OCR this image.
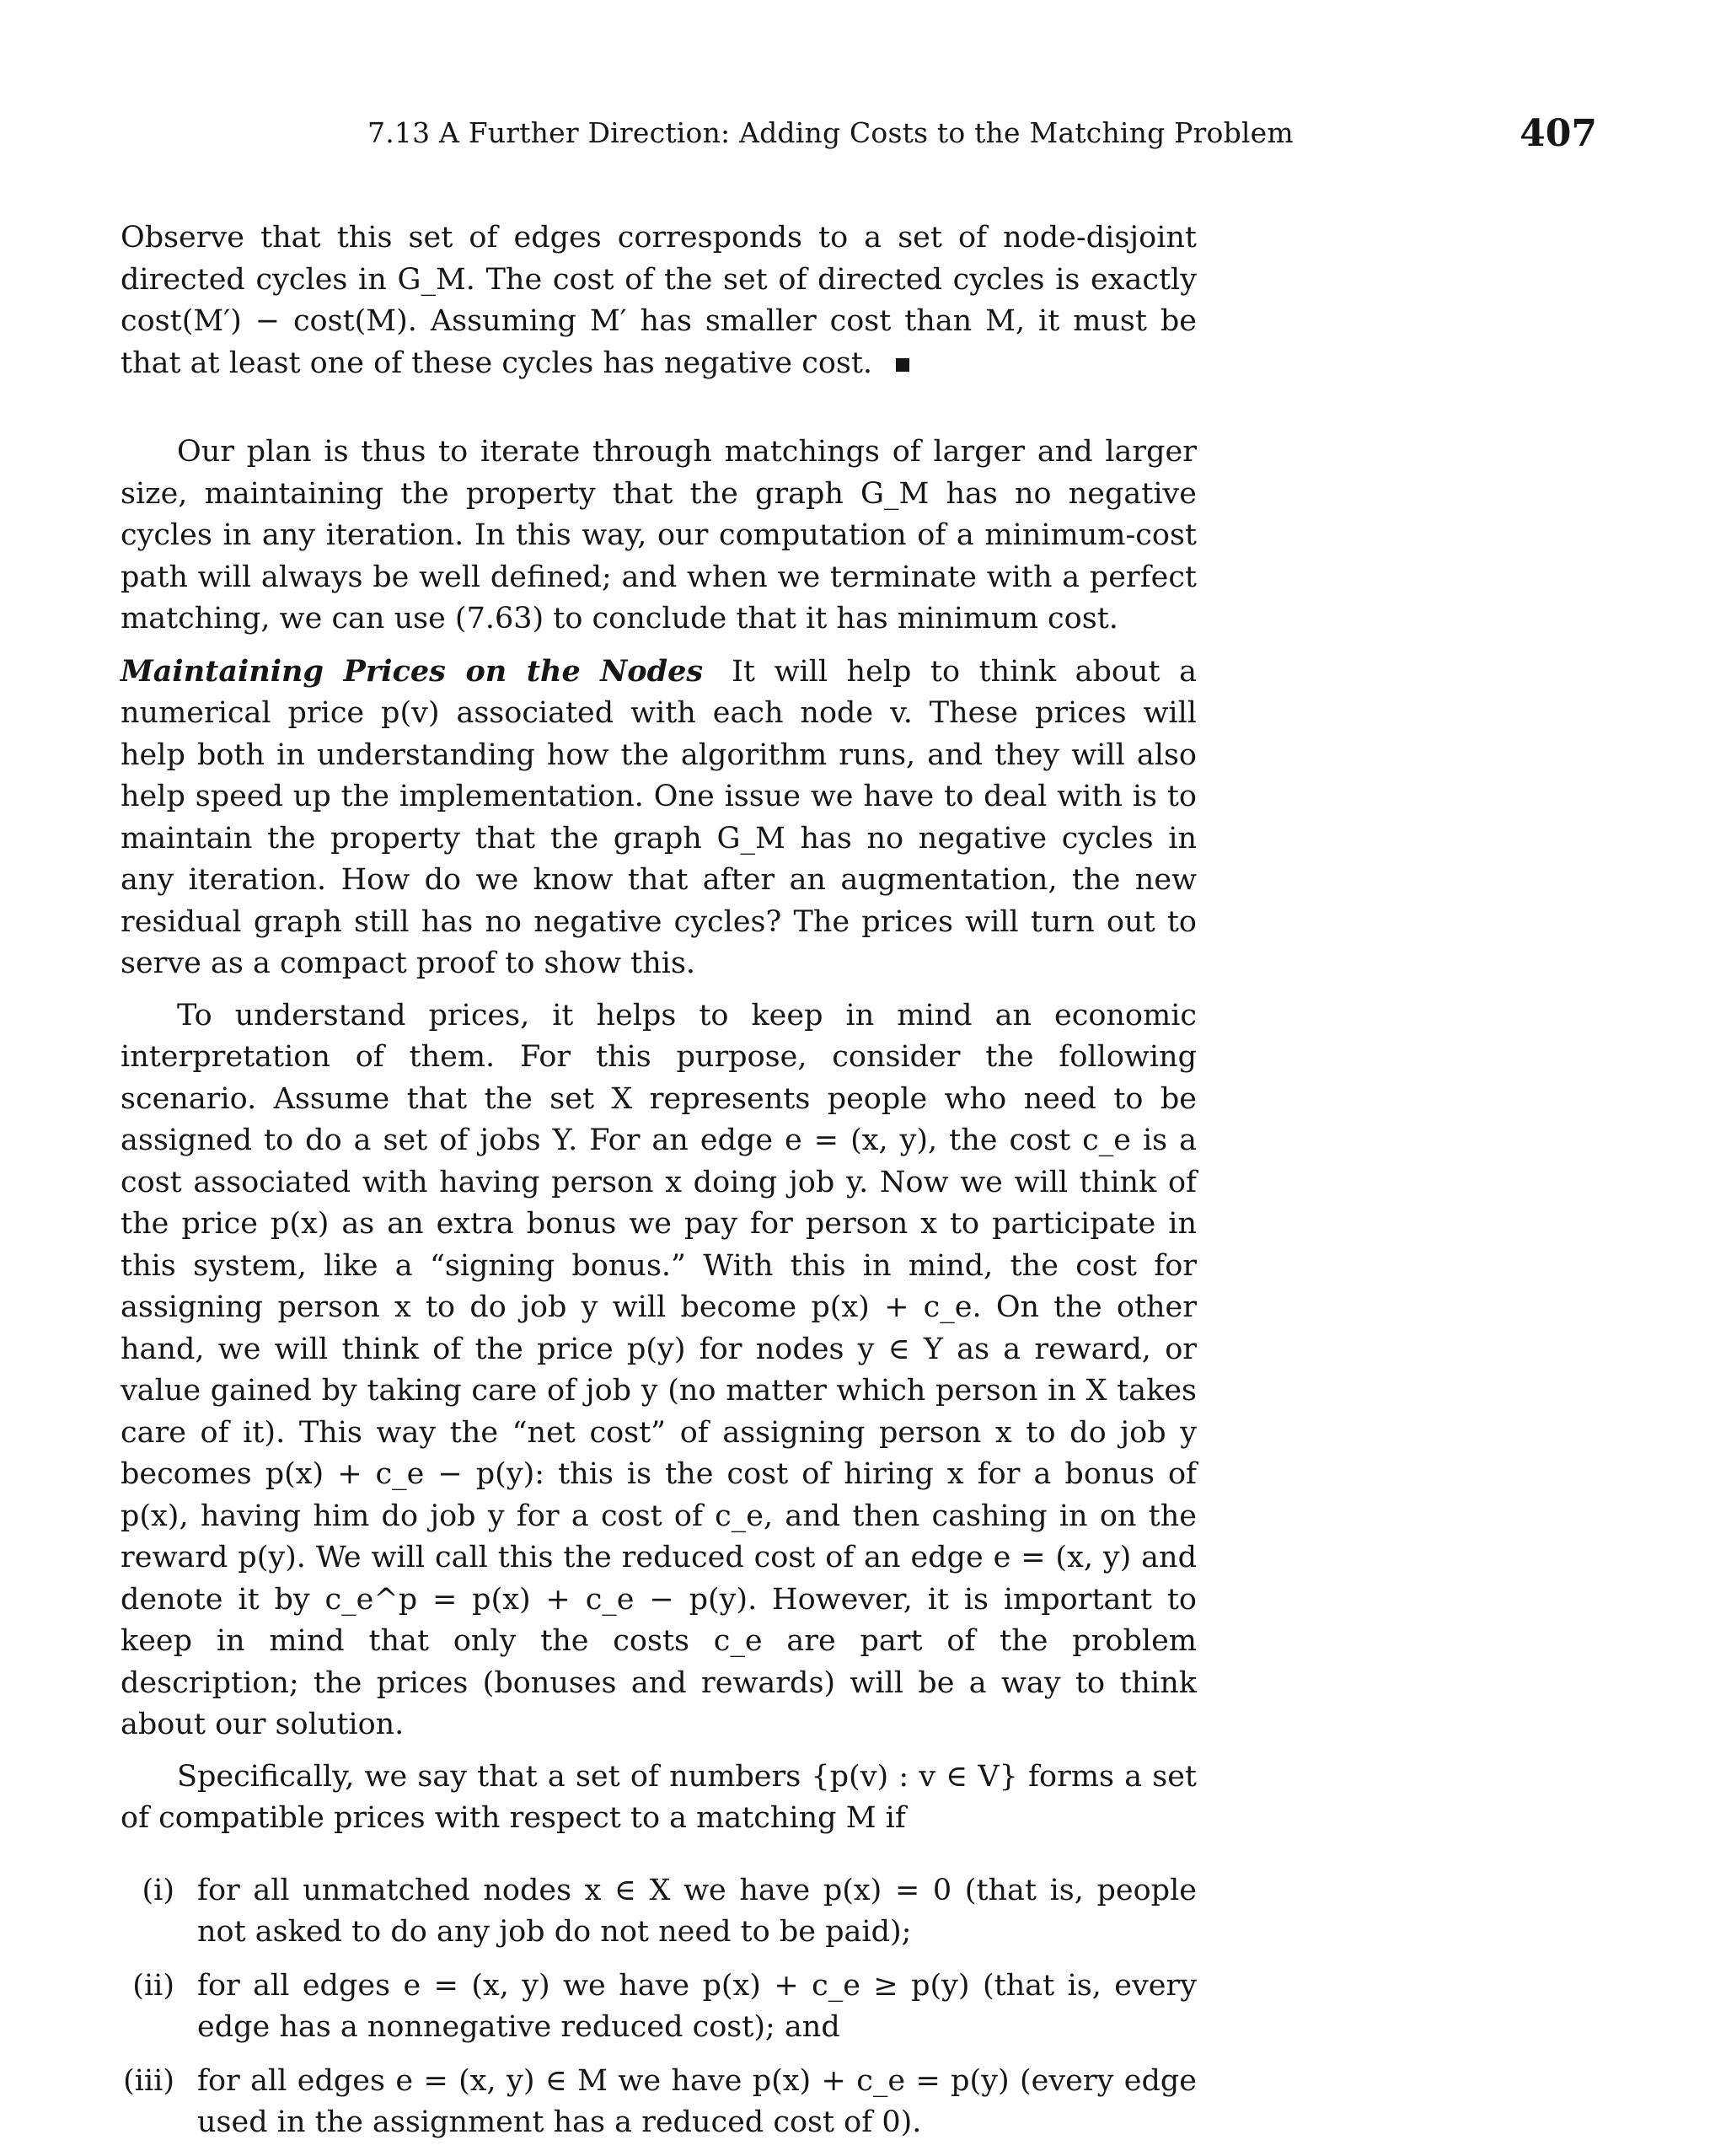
7.13 A Further Direction: Adding Costs to the Matching Problem	407

Observe that this set of edges corresponds to a set of node-disjoint directed cycles in G_M. The cost of the set of directed cycles is exactly cost(M′) − cost(M). Assuming M′ has smaller cost than M, it must be that at least one of these cycles has negative cost.

Our plan is thus to iterate through matchings of larger and larger size, maintaining the property that the graph G_M has no negative cycles in any iteration. In this way, our computation of a minimum-cost path will always be well defined; and when we terminate with a perfect matching, we can use (7.63) to conclude that it has minimum cost.

Maintaining Prices on the Nodes It will help to think about a numerical price p(v) associated with each node v. These prices will help both in understanding how the algorithm runs, and they will also help speed up the implementation. One issue we have to deal with is to maintain the property that the graph G_M has no negative cycles in any iteration. How do we know that after an augmentation, the new residual graph still has no negative cycles? The prices will turn out to serve as a compact proof to show this.

To understand prices, it helps to keep in mind an economic interpretation of them. For this purpose, consider the following scenario. Assume that the set X represents people who need to be assigned to do a set of jobs Y. For an edge e = (x, y), the cost c_e is a cost associated with having person x doing job y. Now we will think of the price p(x) as an extra bonus we pay for person x to participate in this system, like a “signing bonus.” With this in mind, the cost for assigning person x to do job y will become p(x) + c_e. On the other hand, we will think of the price p(y) for nodes y ∈ Y as a reward, or value gained by taking care of job y (no matter which person in X takes care of it). This way the “net cost” of assigning person x to do job y becomes p(x) + c_e − p(y): this is the cost of hiring x for a bonus of p(x), having him do job y for a cost of c_e, and then cashing in on the reward p(y). We will call this the reduced cost of an edge e = (x, y) and denote it by c_e^p = p(x) + c_e − p(y). However, it is important to keep in mind that only the costs c_e are part of the problem description; the prices (bonuses and rewards) will be a way to think about our solution.

Specifically, we say that a set of numbers {p(v) : v ∈ V} forms a set of compatible prices with respect to a matching M if

(i) for all unmatched nodes x ∈ X we have p(x) = 0 (that is, people not asked to do any job do not need to be paid);
(ii) for all edges e = (x, y) we have p(x) + c_e ≥ p(y) (that is, every edge has a nonnegative reduced cost); and
(iii) for all edges e = (x, y) ∈ M we have p(x) + c_e = p(y) (every edge used in the assignment has a reduced cost of 0).
